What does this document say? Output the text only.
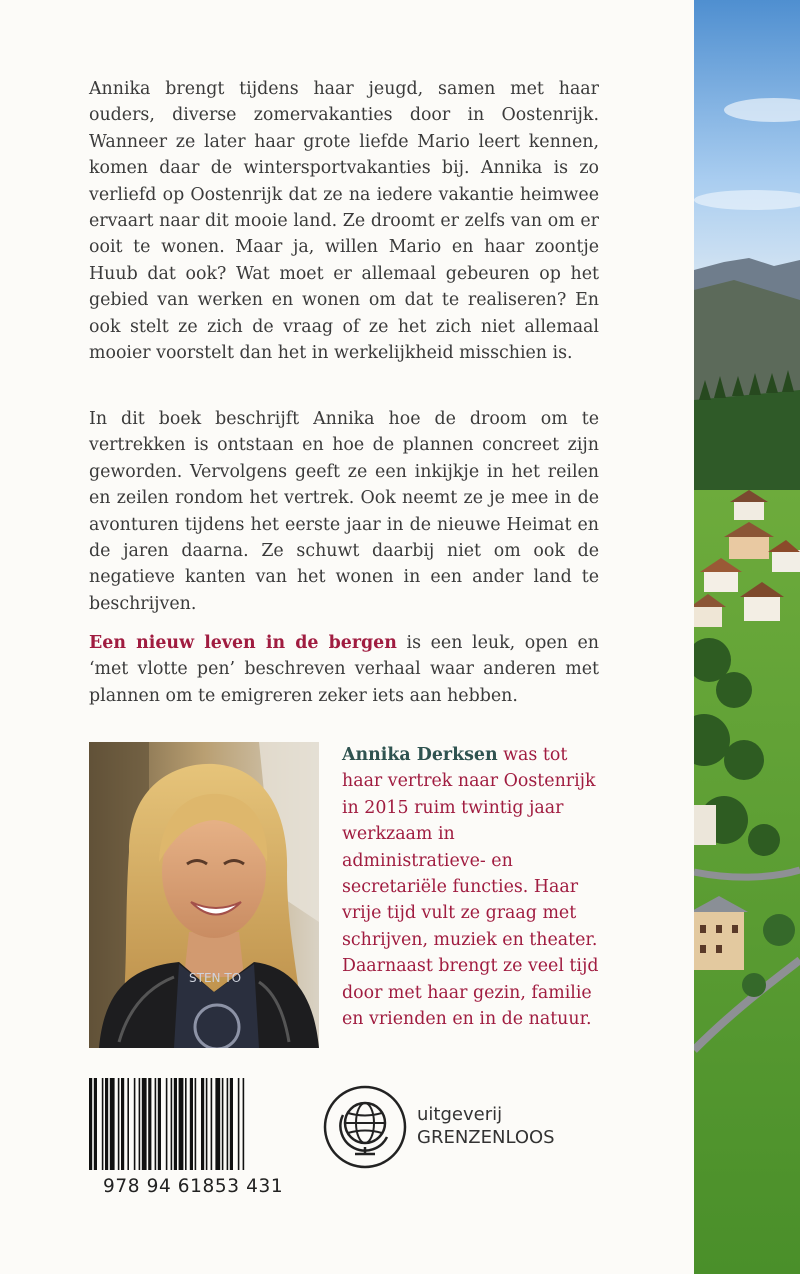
Annika brengt tijdens haar jeugd, samen met haar ouders, diverse zomervakanties door in Oostenrijk. Wanneer ze later haar grote liefde Mario leert kennen, komen daar de wintersportvakanties bij. Annika is zo verliefd op Oostenrijk dat ze na iedere vakantie heimwee ervaart naar dit mooie land. Ze droomt er zelfs van om er ooit te wonen. Maar ja, willen Mario en haar zoontje Huub dat ook? Wat moet er allemaal gebeuren op het gebied van werken en wonen om dat te realiseren? En ook stelt ze zich de vraag of ze het zich niet allemaal mooier voorstelt dan het in werkelijkheid misschien is.

In dit boek beschrijft Annika hoe de droom om te vertrekken is ontstaan en hoe de plannen concreet zijn geworden. Vervolgens geeft ze een inkijkje in het reilen en zeilen rondom het vertrek. Ook neemt ze je mee in de avonturen tijdens het eerste jaar in de nieuwe Heimat en de jaren daarna. Ze schuwt daarbij niet om ook de negatieve kanten van het wonen in een ander land te beschrijven.

Een nieuw leven in de bergen is een leuk, open en ‘met vlotte pen’ beschreven verhaal waar anderen met plannen om te emigreren zeker iets aan hebben.

STEN TO
Annika Derksen was tot haar vertrek naar Oostenrijk in 2015 ruim twintig jaar werkzaam in administratieve- en secretariële functies. Haar vrije tijd vult ze graag met schrijven, muziek en theater. Daarnaast brengt ze veel tijd door met haar gezin, familie en vrienden en in de natuur.
978 94 61853 431
uitgeverij
GRENZENLOOS
